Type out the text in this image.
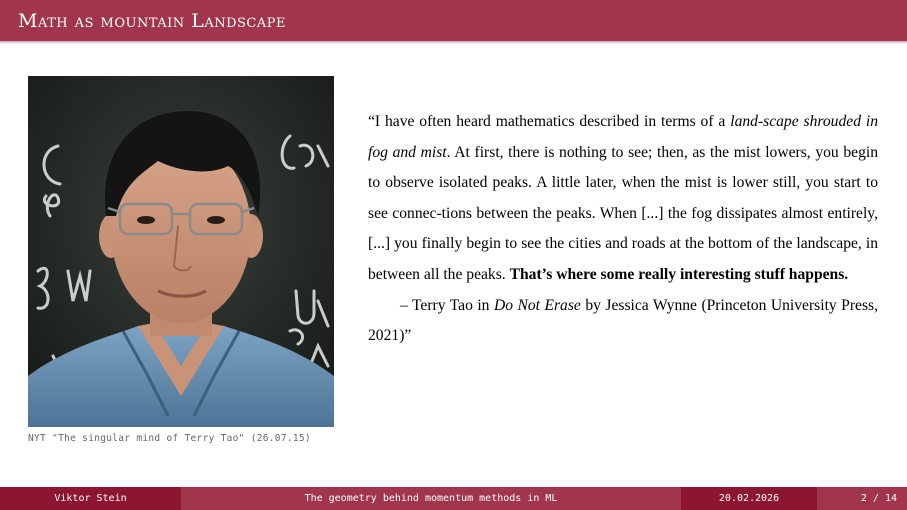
Math as mountain Landscape
NYT "The singular mind of Terry Tao" (26.07.15)

“I have often heard mathematics described in terms of a land-scape shrouded in fog and mist. At first, there is nothing to see; then, as the mist lowers, you begin to observe isolated peaks. A little later, when the mist is lower still, you start to see connec-tions between the peaks. When [...] the fog dissipates almost entirely, [...] you finally begin to see the cities and roads at the bottom of the landscape, in between all the peaks. That’s where some really interesting stuff happens.

– Terry Tao in Do Not Erase by Jessica Wynne (Princeton University Press, 2021)”

Viktor Stein	The geometry behind momentum methods in ML	20.02.2026	2 / 14
